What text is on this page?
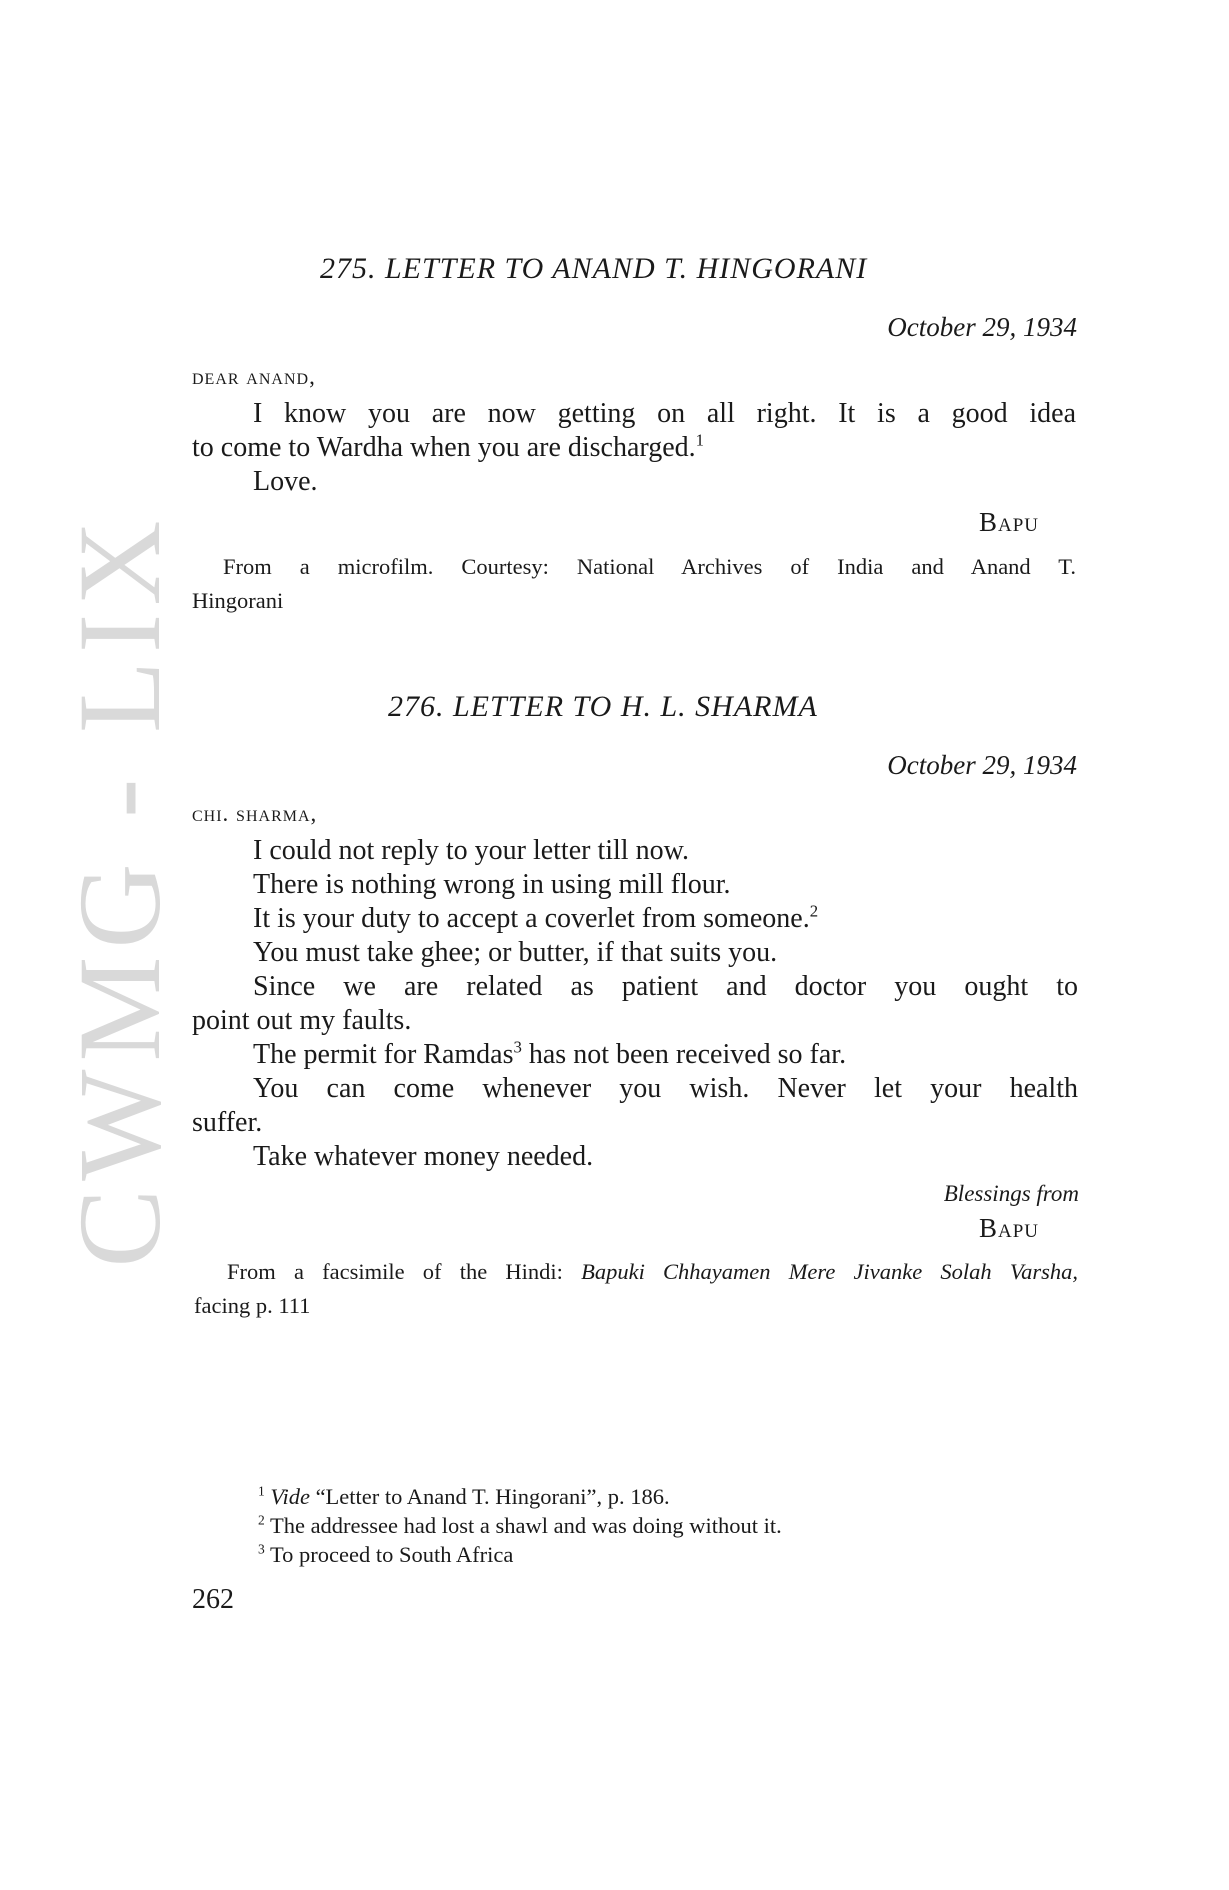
CWMG - LIX
275. LETTER TO ANAND T. HINGORANI
October 29, 1934
dear anand,
I know you are now getting on all right. It is a good idea
to come to Wardha when you are discharged.$^1$
Love.
Bapu
From a microfilm. Courtesy: National Archives of India and Anand T.
Hingorani
276. LETTER TO H. L. SHARMA
October 29, 1934
chi. sharma,
I could not reply to your letter till now.
There is nothing wrong in using mill flour.
It is your duty to accept a coverlet from someone.$^2$
You must take ghee; or butter, if that suits you.
Since we are related as patient and doctor you ought to
point out my faults.
The permit for Ramdas$^3$ has not been received so far.
You can come whenever you wish. Never let your health
suffer.
Take whatever money needed.
Blessings from
Bapu
From a facsimile of the Hindi: Bapuki Chhayamen Mere Jivanke Solah Varsha,
facing p. 111
$^1$ Vide “Letter to Anand T. Hingorani”, p. 186.
$^2$ The addressee had lost a shawl and was doing without it.
$^3$ To proceed to South Africa
262
